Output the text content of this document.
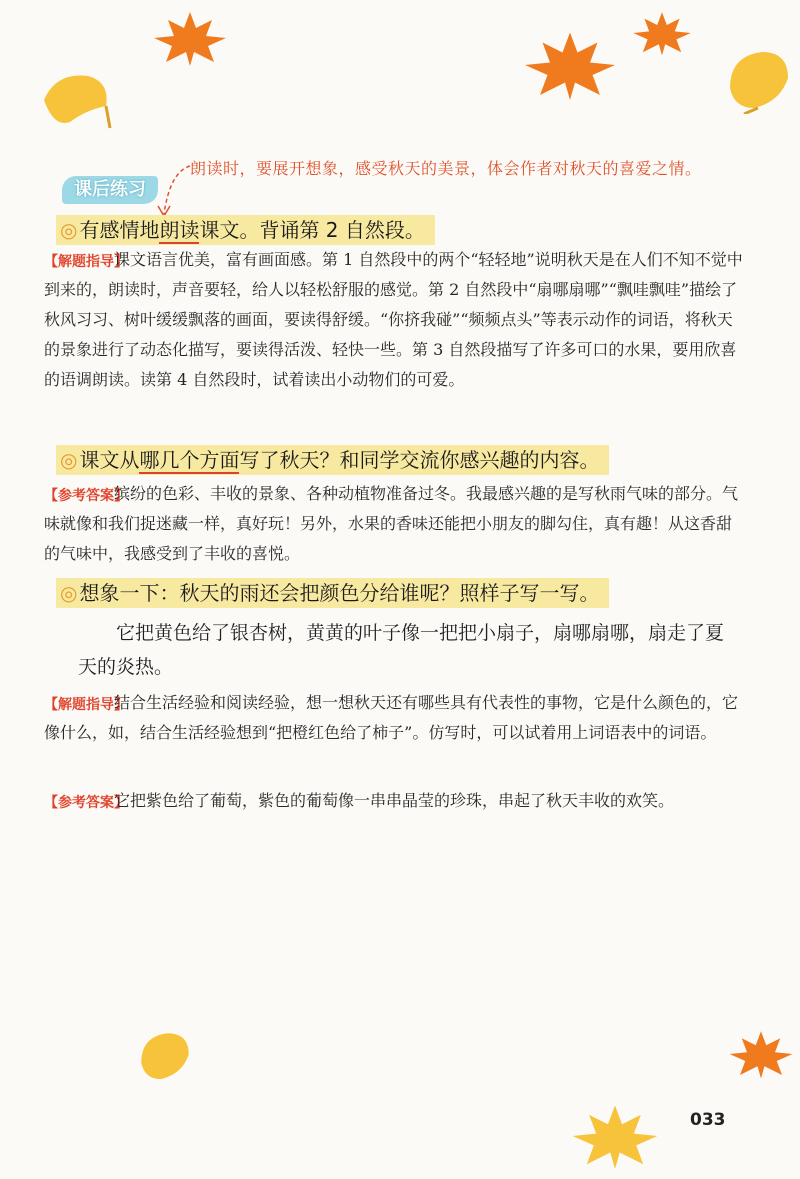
朗读时，要展开想象，感受秋天的美景，体会作者对秋天的喜爱之情。
课后练习
◎ 有感情地朗读课文。背诵第 2 自然段。
【解题指导】
课文语言优美，富有画面感。第 1 自然段中的两个“轻轻地”说明秋天是在人们不知不觉中到来的，朗读时，声音要轻，给人以轻松舒服的感觉。第 2 自然段中“扇哪扇哪”“飘哇飘哇”描绘了秋风习习、树叶缓缓飘落的画面，要读得舒缓。“你挤我碰”“频频点头”等表示动作的词语，将秋天的景象进行了动态化描写，要读得活泼、轻快一些。第 3 自然段描写了许多可口的水果，要用欣喜的语调朗读。读第 4 自然段时，试着读出小动物们的可爱。
◎ 课文从哪几个方面写了秋天？和同学交流你感兴趣的内容。
【参考答案】
缤纷的色彩、丰收的景象、各种动植物准备过冬。我最感兴趣的是写秋雨气味的部分。气味就像和我们捉迷藏一样，真好玩！另外，水果的香味还能把小朋友的脚勾住，真有趣！从这香甜的气味中，我感受到了丰收的喜悦。
◎ 想象一下：秋天的雨还会把颜色分给谁呢？照样子写一写。
它把黄色给了银杏树，黄黄的叶子像一把把小扇子，扇哪扇哪，扇走了夏天的炎热。
【解题指导】
结合生活经验和阅读经验，想一想秋天还有哪些具有代表性的事物，它是什么颜色的，它像什么，如，结合生活经验想到“把橙红色给了柿子”。仿写时，可以试着用上词语表中的词语。
【参考答案】
它把紫色给了葡萄，紫色的葡萄像一串串晶莹的珍珠，串起了秋天丰收的欢笑。
033
